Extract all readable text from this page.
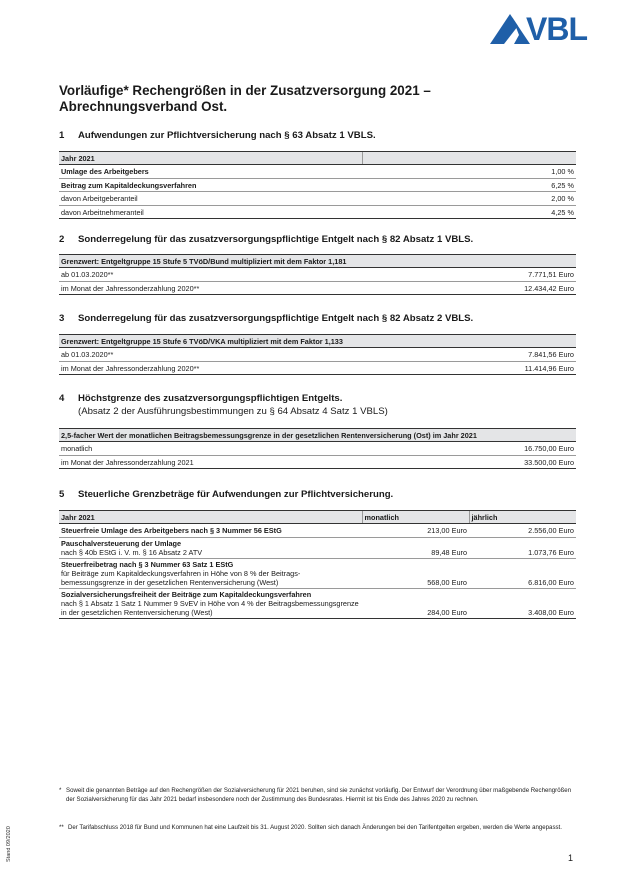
VBL
Vorläufige* Rechengrößen in der Zusatzversorgung 2021 – Abrechnungsverband Ost.
1	Aufwendungen zur Pflichtversicherung nach § 63 Absatz 1 VBLS.
Jahr 2021	
Umlage des Arbeitgebers	1,00 %
Beitrag zum Kapitaldeckungsverfahren	6,25 %
davon Arbeitgeberanteil	2,00 %
davon Arbeitnehmeranteil	4,25 %
2	Sonderregelung für das zusatzversorgungspflichtige Entgelt nach § 82 Absatz 1 VBLS.
Grenzwert: Entgeltgruppe 15 Stufe 5 TVöD/Bund multipliziert mit dem Faktor 1,181	
ab 01.03.2020**	7.771,51 Euro
im Monat der Jahressonderzahlung 2020**	12.434,42 Euro
3	Sonderregelung für das zusatzversorgungspflichtige Entgelt nach § 82 Absatz 2 VBLS.
Grenzwert: Entgeltgruppe 15 Stufe 6 TVöD/VKA multipliziert mit dem Faktor 1,133	
ab 01.03.2020**	7.841,56 Euro
im Monat der Jahressonderzahlung 2020**	11.414,96 Euro
4	Höchstgrenze des zusatzversorgungspflichtigen Entgelts.
(Absatz 2 der Ausführungsbestimmungen zu § 64 Absatz 4 Satz 1 VBLS)
2,5-facher Wert der monatlichen Beitragsbemessungsgrenze in der gesetzlichen Rentenversicherung (Ost) im Jahr 2021	
monatlich	16.750,00 Euro
im Monat der Jahressonderzahlung 2021	33.500,00 Euro
5	Steuerliche Grenzbeträge für Aufwendungen zur Pflichtversicherung.
Jahr 2021	monatlich	jährlich

Steuerfreie Umlage des Arbeitgebers nach § 3 Nummer 56 EStG	213,00 Euro	2.556,00 Euro

Pauschalversteuerung der Umlage
nach § 40b EStG i. V. m. § 16 Absatz 2 ATV	89,48 Euro	1.073,76 Euro

Steuerfreibetrag nach § 3 Nummer 63 Satz 1 EStG
für Beiträge zum Kapitaldeckungsverfahren in Höhe von 8 % der Beitragsbemessungsgrenze in der gesetzlichen Rentenversicherung (West)	568,00 Euro	6.816,00 Euro

Sozialversicherungsfreiheit der Beiträge zum Kapitaldeckungsverfahren
nach § 1 Absatz 1 Satz 1 Nummer 9 SvEV in Höhe von 4 % der Beitragsbemessungsgrenze in der gesetzlichen Rentenversicherung (West)	284,00 Euro	3.408,00 Euro
* Soweit die genannten Beträge auf den Rechengrößen der Sozialversicherung für 2021 beruhen, sind sie zunächst vorläufig. Der Entwurf der Verordnung über maßgebende Rechengrößen der Sozialversicherung für das Jahr 2021 bedarf insbesondere noch der Zustimmung des Bundesrates. Hiermit ist bis Ende des Jahres 2020 zu rechnen.
** Der Tarifabschluss 2018 für Bund und Kommunen hat eine Laufzeit bis 31. August 2020. Sollten sich danach Änderungen bei den Tarifentgelten ergeben, werden die Werte angepasst.
Stand 09/2020	1
